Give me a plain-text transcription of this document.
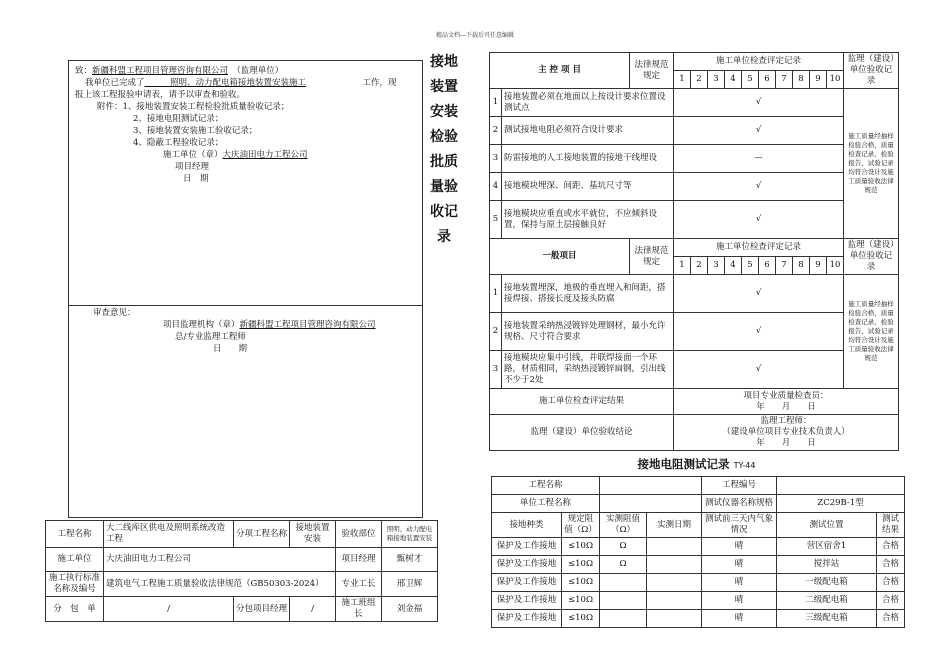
精品文档---下载后可任意编辑
致：新疆科盟工程项目管理咨询有限公司　 （监理单位）
我单位已完成了　　　	照明、动力配电箱接地装置安装施工	工作，现
报上该工程报验申请表，请予以审查和验收。
附件：1、接地装置安装工程检验批质量验收记录；
2、接地电阻测试记录；
3、接地装置安装施工验收记录；
4、隐蔽工程验收记录；
施工单位（章）大庆油田电力工程公司
项目经理
日　期
审查意见：
项目监理机构（章）新疆科盟工程项目管理咨询有限公司
总/专业监理工程师
日　　期
接地
装置
安装
检验
批质
量验
收记
录
工程名称	大二线库区供电及照明系统改造工程	分项工程名称	接地装置安装	验收部位	照明、动力配电箱接地装置安装
施工单位	大庆油田电力工程公司			项目经理	甄树才
施工执行标准名称及编号	建筑电气工程施工质量验收法律规范（GB50303-2024）			专业工长	邢卫辉
分　包　单	/	分包项目经理	/	施工班组长	刘金福
主 控 项 目		法律规范规定	施工单位检查评定记录										监理（建设）单位验收记录
			1	2	3	4	5	6	7	8	9	10	
1	接地装置必须在地面以上按设计要求位置设测试点		√										施工质量经抽样检验合格，质量检查记录、检验报告、试验记录均符合设计及施工质量验收法律规范
2	测试接地电阻必须符合设计要求		√										
3	防雷接地的人工接地装置的接地干线埋设		—										
4	接地模块埋深、间距、基坑尺寸等		√										
5	接地模块应垂直或水平就位，不应倾斜设置，保持与原土层接触良好		√										
一般项目		法律规范规定	施工单位检查评定记录										监理（建设）单位验收记录
			1	2	3	4	5	6	7	8	9	10	
1	接地装置埋深，地极的垂直埋入和间距，搭接焊接、搭接长度及接头防腐		√										施工质量经抽样检验合格，质量检查记录、检验报告、试验记录均符合设计及施工质量验收法律规范
2	接地装置采纳热浸镀锌处理钢材，最小允许规格、尺寸符合要求		√										
3	接地模块应集中引线，并联焊接面一个环路，材质相同，采纳热浸镀锌扁钢，引出线不少于2处		√										
施工单位检查评定结果			项目专业质量检查员：
年　　月　　日										

监理（建设）单位验收结论			监理工程师：
（建设单位项目专业技术负责人）
年　　月　　日										
接地电阻测试记录 TY-44
工程名称				工程编号		
单位工程名称				测试仪器名称规格	ZC29B-1型	
接地种类	规定阻值（Ω）	实测阻值（Ω）	实测日期	测试前三天内气象情况	测试位置	测试结果
保护及工作接地	≤10Ω	Ω		晴	营区宿舍1	合格
保护及工作接地	≤10Ω	Ω		晴	搅拌站	合格
保护及工作接地	≤10Ω			晴	一级配电箱	合格
保护及工作接地	≤10Ω			晴	二级配电箱	合格
保护及工作接地	≤10Ω			晴	三级配电箱	合格
